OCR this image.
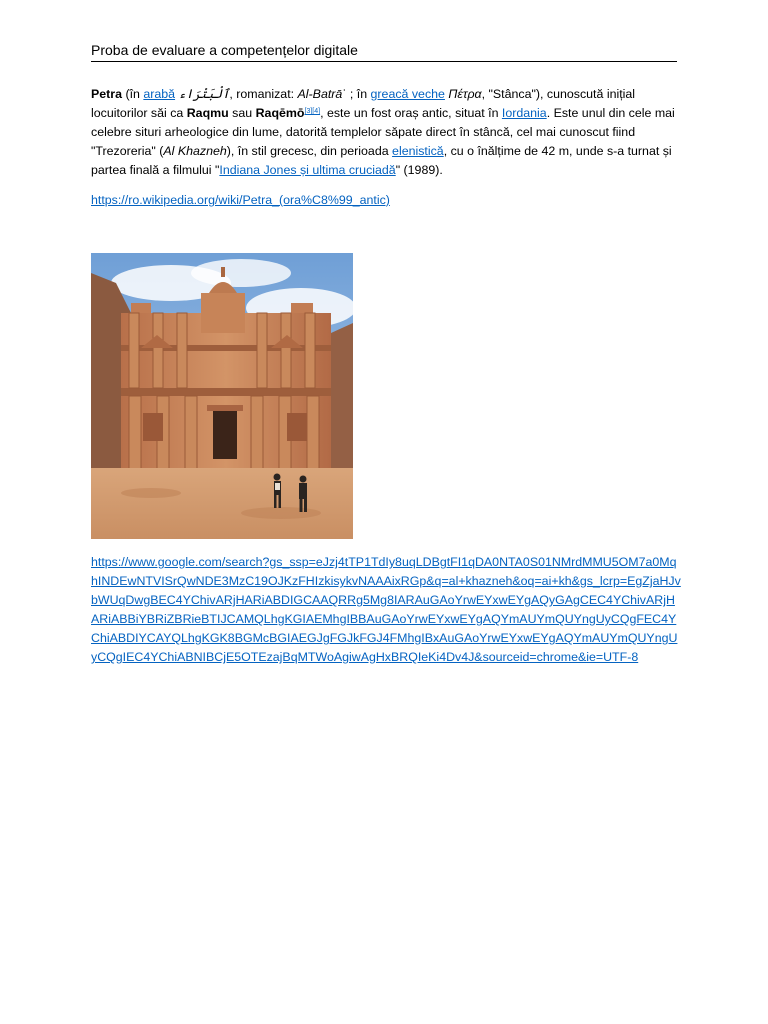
Proba de evaluare a competențelor digitale
Petra (în arabă ٱلْبَتْرَاء, romanizat: Al-Batrāʾ ; în greacă veche Πέτρα, "Stânca"), cunoscută inițial locuitorilor săi ca Raqmu sau Raqēmō[3][4], este un fost oraș antic, situat în Iordania. Este unul din cele mai celebre situri arheologice din lume, datorită templelor săpate direct în stâncă, cel mai cunoscut fiind "Trezoreria" (Al Khazneh), în stil grecesc, din perioada elenistică, cu o înălțime de 42 m, unde s-a turnat și partea finală a filmului "Indiana Jones și ultima cruciadă" (1989).
https://ro.wikipedia.org/wiki/Petra_(ora%C8%99_antic)
https://www.google.com/search?gs_ssp=eJzj4tTP1TdIy8uqLDBgtFI1qDA0NTA0S01NMrdMMU5OM7a0MqhINDEwNTVISrQwNDE3MzC19OJKzFHIzkisykvNAAAixRGp&q=al+khazneh&oq=ai+kh&gs_lcrp=EgZjaHJvbWUqDwgBEC4YChivARjHARiABDIGCAAQRRg5Mg8IARAuGAoYrwEYxwEYgAQyGAgCEC4YChivARjHARiABBiYBRiZBRieBTIJCAMQLhgKGIAEMhgIBBAuGAoYrwEYxwEYgAQYmAUYmQUYngUyCQgFEC4YChiABDIYCAYQLhgKGK8BGMcBGIAEGJgFGJkFGJ4FMhgIBxAuGAoYrwEYxwEYgAQYmAUYmQUYngUyCQgIEC4YChiABNIBCjE5OTEzajBqMTWoAgiwAgHxBRQIeKi4Dv4J&sourceid=chrome&ie=UTF-8
